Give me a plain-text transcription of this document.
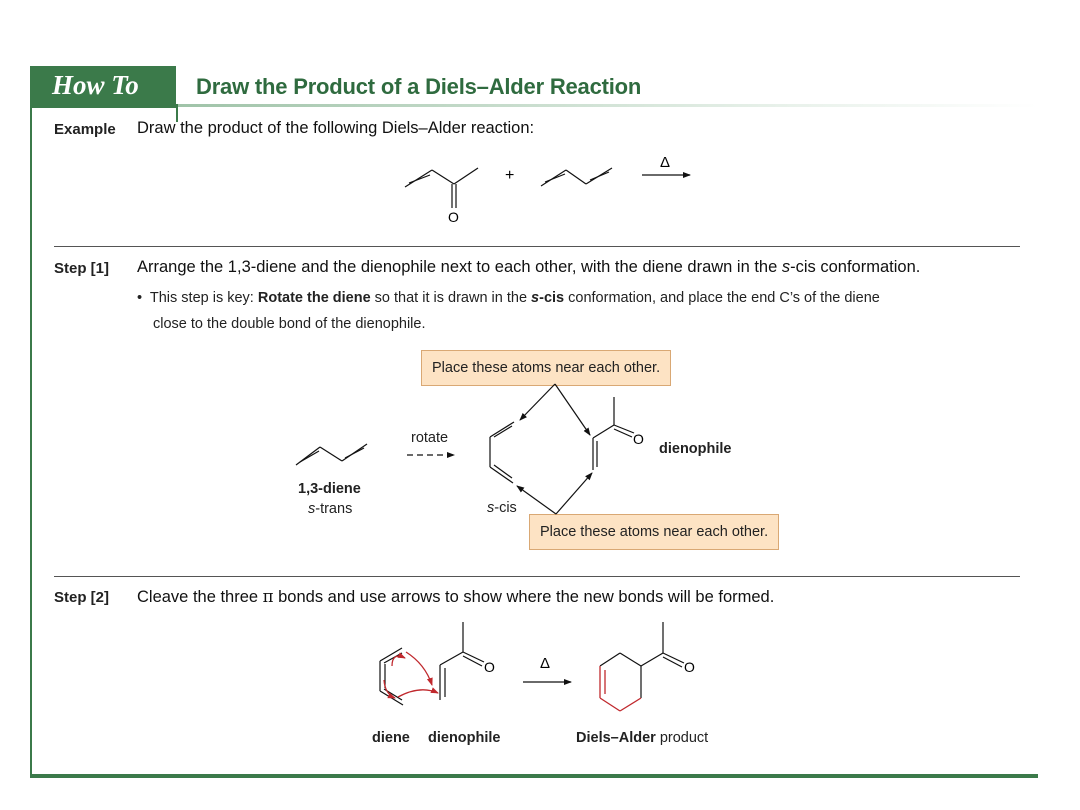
How To	Draw the Product of a Diels–Alder Reaction
Example Draw the product of the following Diels–Alder reaction:
Step [1] Arrange the 1,3-diene and the dienophile next to each other, with the diene drawn in the s-cis conformation.
•  This step is key: Rotate the diene so that it is drawn in the s-cis conformation, and place the end C’s of the diene
close to the double bond of the dienophile.
Place these atoms near each other.
Place these atoms near each other.
rotate
1,3-diene
s-trans	s-cis
dienophile
Step [2] Cleave the three π bonds and use arrows to show where the new bonds will be formed.
diene dienophile	Diels–Alder product
O
+
Δ
O
O	Δ	O
